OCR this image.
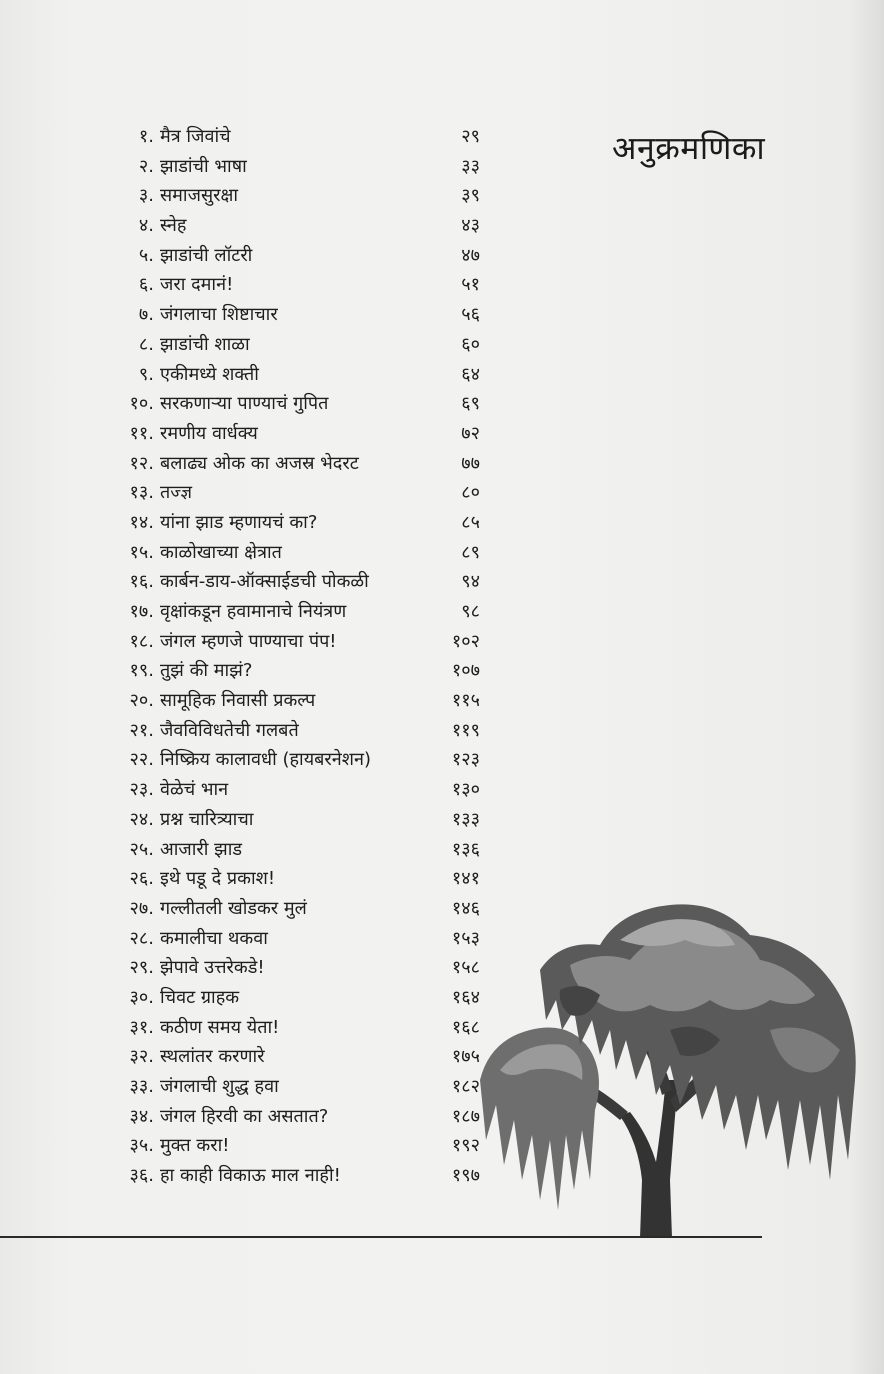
अनुक्रमणिका
१. मैत्र जिवांचे	२९
२. झाडांची भाषा	३३
३. समाजसुरक्षा	३९
४. स्नेह	४३
५. झाडांची लॉटरी	४७
६. जरा दमानं!	५१
७. जंगलाचा शिष्टाचार	५६
८. झाडांची शाळा	६०
९. एकीमध्ये शक्ती	६४
१०. सरकणाऱ्या पाण्याचं गुपित	६९
११. रमणीय वार्धक्य	७२
१२. बलाढ्य ओक का अजस्र भेदरट	७७
१३. तज्ज्ञ	८०
१४. यांना झाड म्हणायचं का?	८५
१५. काळोखाच्या क्षेत्रात	८९
१६. कार्बन-डाय-ऑक्साईडची पोकळी	९४
१७. वृक्षांकडून हवामानाचे नियंत्रण	९८
१८. जंगल म्हणजे पाण्याचा पंप!	१०२
१९. तुझं की माझं?	१०७
२०. सामूहिक निवासी प्रकल्प	११५
२१. जैवविविधतेची गलबते	११९
२२. निष्क्रिय कालावधी (हायबरनेशन)	१२३
२३. वेळेचं भान	१३०
२४. प्रश्न चारित्र्याचा	१३३
२५. आजारी झाड	१३६
२६. इथे पडू दे प्रकाश!	१४१
२७. गल्लीतली खोडकर मुलं	१४६
२८. कमालीचा थकवा	१५३
२९. झेपावे उत्तरेकडे!	१५८
३०. चिवट ग्राहक	१६४
३१. कठीण समय येता!	१६८
३२. स्थलांतर करणारे	१७५
३३. जंगलाची शुद्ध हवा	१८२
३४. जंगल हिरवी का असतात?	१८७
३५. मुक्त करा!	१९२
३६. हा काही विकाऊ माल नाही!	१९७
